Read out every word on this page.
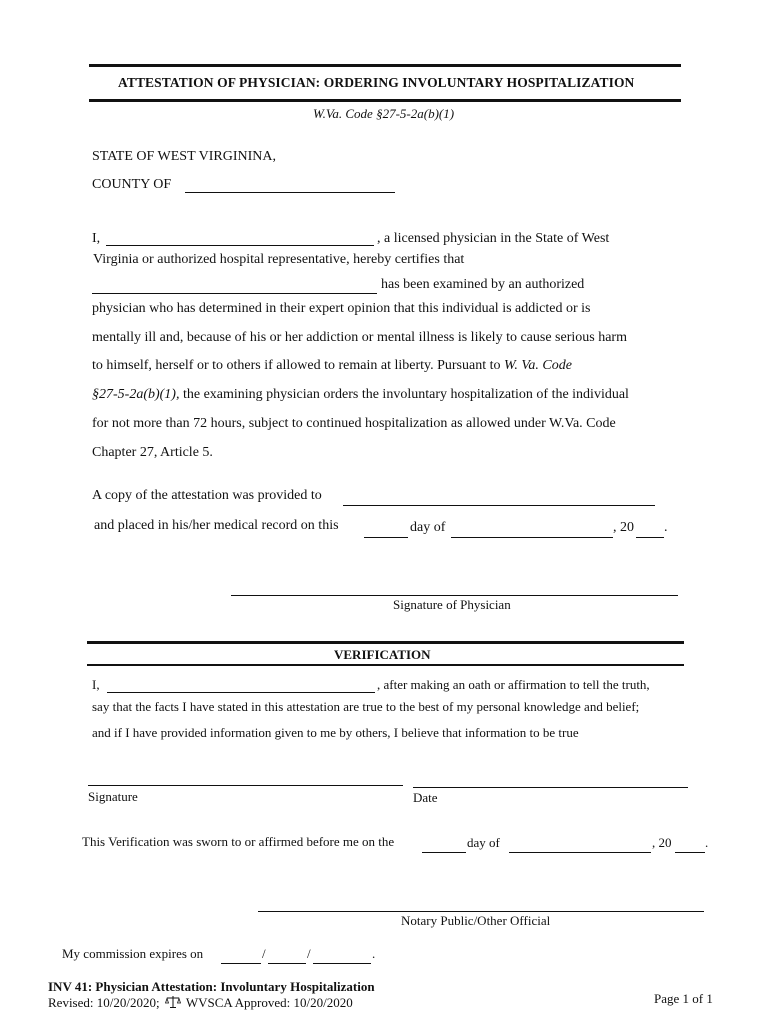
ATTESTATION OF PHYSICIAN: ORDERING INVOLUNTARY HOSPITALIZATION
W.Va. Code §27-5-2a(b)(1)
STATE OF WEST VIRGININA,
COUNTY OF
I,	, a licensed physician in the State of West
Virginia or authorized hospital representative, hereby certifies that
has been examined by an authorized
physician who has determined in their expert opinion that this individual is addicted or is
mentally ill and, because of his or her addiction or mental illness is likely to cause serious harm
to himself, herself or to others if allowed to remain at liberty. Pursuant to W. Va. Code
§27-5-2a(b)(1), the examining physician orders the involuntary hospitalization of the individual
for not more than 72 hours, subject to continued hospitalization as allowed under W.Va. Code
Chapter 27, Article 5.
A copy of the attestation was provided to
and placed in his/her medical record on this	day of	, 20 .
Signature of Physician
VERIFICATION
I,	, after making an oath or affirmation to tell the truth,
say that the facts I have stated in this attestation are true to the best of my personal knowledge and belief;
and if I have provided information given to me by others, I believe that information to be true
Signature	Date
This Verification was sworn to or affirmed before me on the	day of	, 20	.
Notary Public/Other Official
My commission expires on	/	/	.
INV 41: Physician Attestation: Involuntary Hospitalization
Revised: 10/20/2020; WVSCA Approved: 10/20/2020	Page 1 of 1
